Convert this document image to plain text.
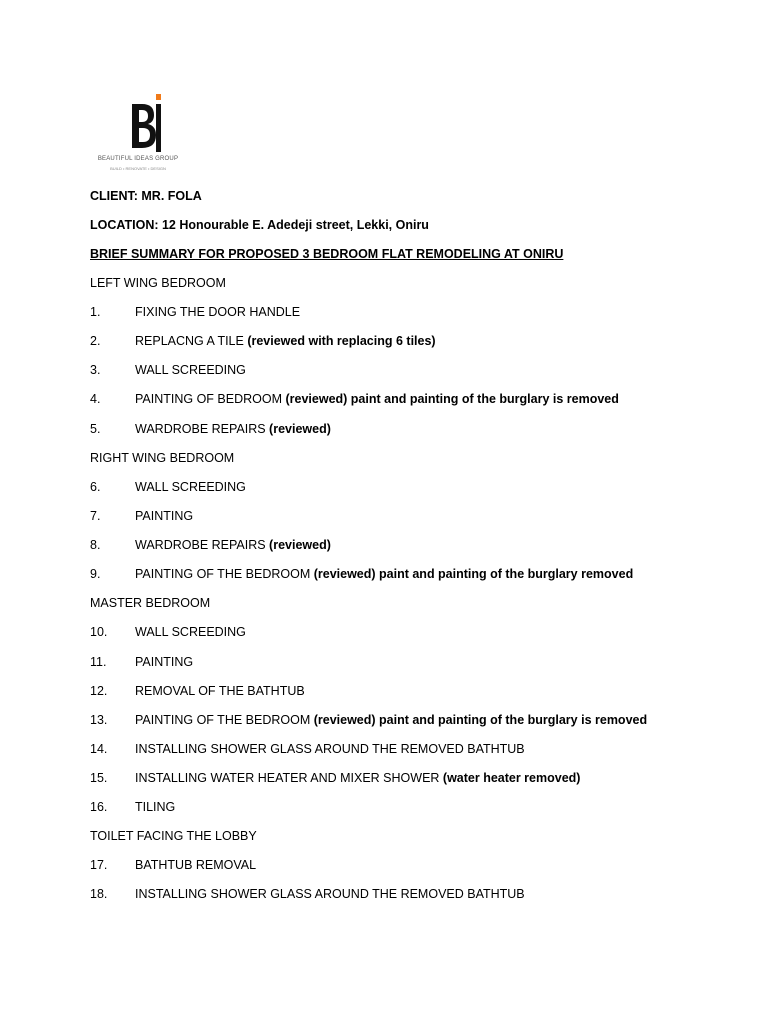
BEAUTIFUL IDEAS GROUP
BUILD • RENOVATE • DESIGN
CLIENT: MR. FOLA
LOCATION: 12 Honourable E. Adedeji street, Lekki, Oniru
BRIEF SUMMARY FOR PROPOSED 3 BEDROOM FLAT REMODELING AT ONIRU
LEFT WING BEDROOM
1.	FIXING THE DOOR HANDLE
2.	REPLACNG A TILE (reviewed with replacing 6 tiles)
3.	WALL SCREEDING
4.	PAINTING OF BEDROOM (reviewed) paint and painting of the burglary is removed
5.	WARDROBE REPAIRS (reviewed)
RIGHT WING BEDROOM
6.	WALL SCREEDING
7.	PAINTING
8.	WARDROBE REPAIRS (reviewed)
9.	PAINTING OF THE BEDROOM (reviewed) paint and painting of the burglary removed
MASTER BEDROOM
10. WALL SCREEDING
11. PAINTING
12. REMOVAL OF THE BATHTUB
13. PAINTING OF THE BEDROOM (reviewed) paint and painting of the burglary is removed
14. INSTALLING SHOWER GLASS AROUND THE REMOVED BATHTUB
15. INSTALLING WATER HEATER AND MIXER SHOWER (water heater removed)
16. TILING
TOILET FACING THE LOBBY
17. BATHTUB REMOVAL
18. INSTALLING SHOWER GLASS AROUND THE REMOVED BATHTUB
